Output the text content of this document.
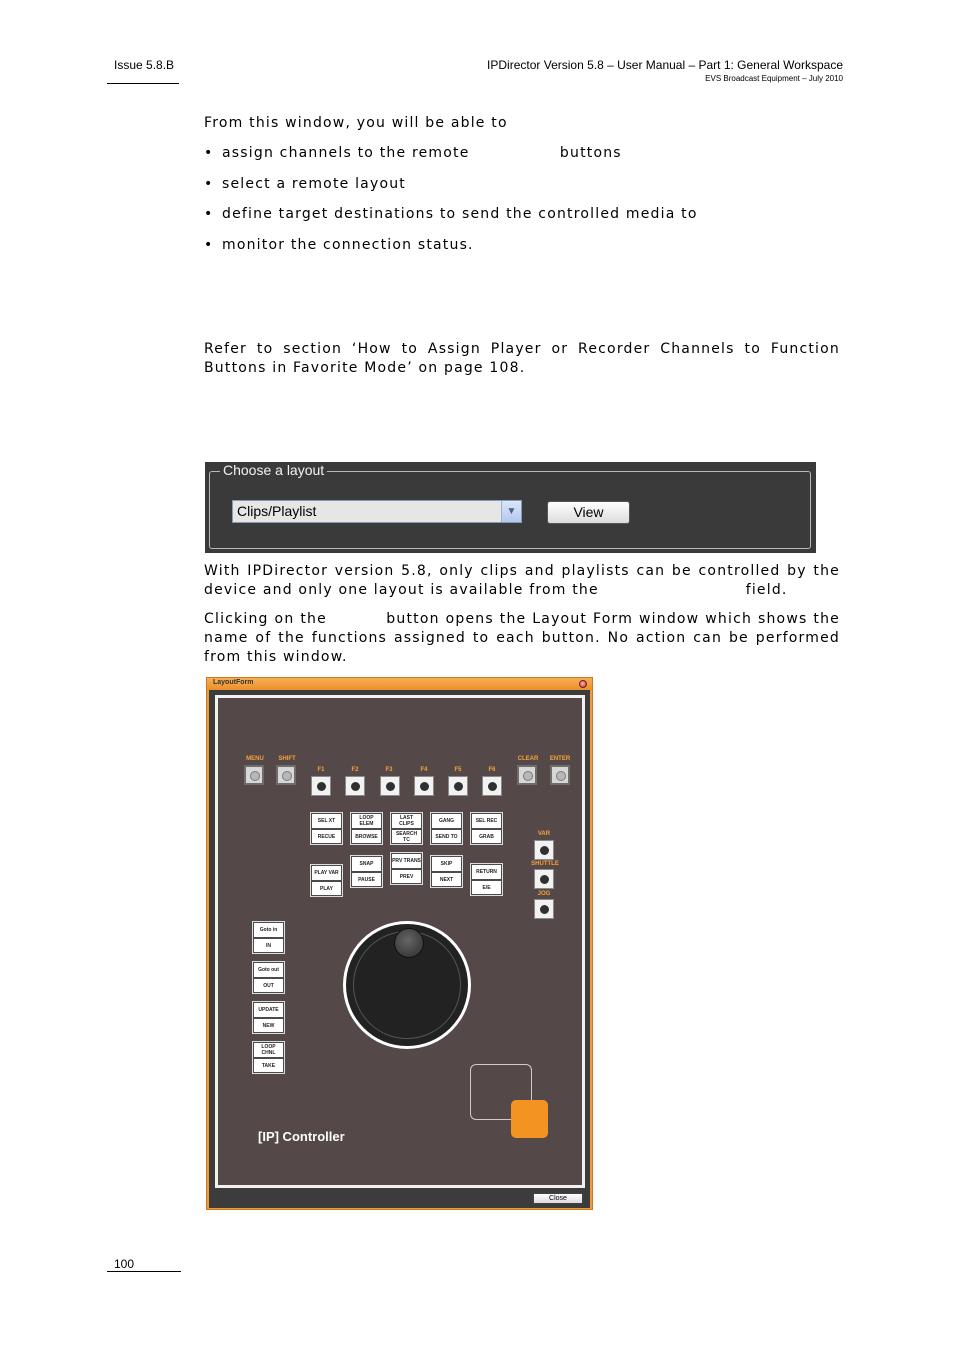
Issue 5.8.B	IPDirector Version 5.8 – User Manual – Part 1: General Workspace
EVS Broadcast Equipment – July 2010
From this window, you will be able to
• assign channels to the remote                buttons
• select a remote layout
• define target destinations to send the controlled media to
• monitor the connection status.
Refer to section ‘How to Assign Player or Recorder Channels to Function Buttons in Favorite Mode’ on page 108.
Choose a layout
Clips/Playlist	▼	View
With IPDirector version 5.8, only clips and playlists can be controlled by the device and only one layout is available from the                          field.
Clicking on the          button opens the Layout Form window which shows the name of the functions assigned to each button. No action can be performed from this window.
LayoutForm
Close
MENU	SHIFT	CLEAR	ENTER
F1	F2	F3	F4	F5	F6
VAR
SHUTTLE
JOG
SEL XT
RECUE
LOOP ELEM
BROWSE
LAST CLIPS
SEARCH TC
GANG
SEND TO
SEL REC
GRAB
PLAY VAR
PLAY
SNAP
PAUSE
PRV TRANS
PREV
SKIP
NEXT
RETURN
E/E
Goto in
IN
Goto out
OUT
UPDATE
NEW
LOOP CHNL
TAKE
[IP] Controller
100
